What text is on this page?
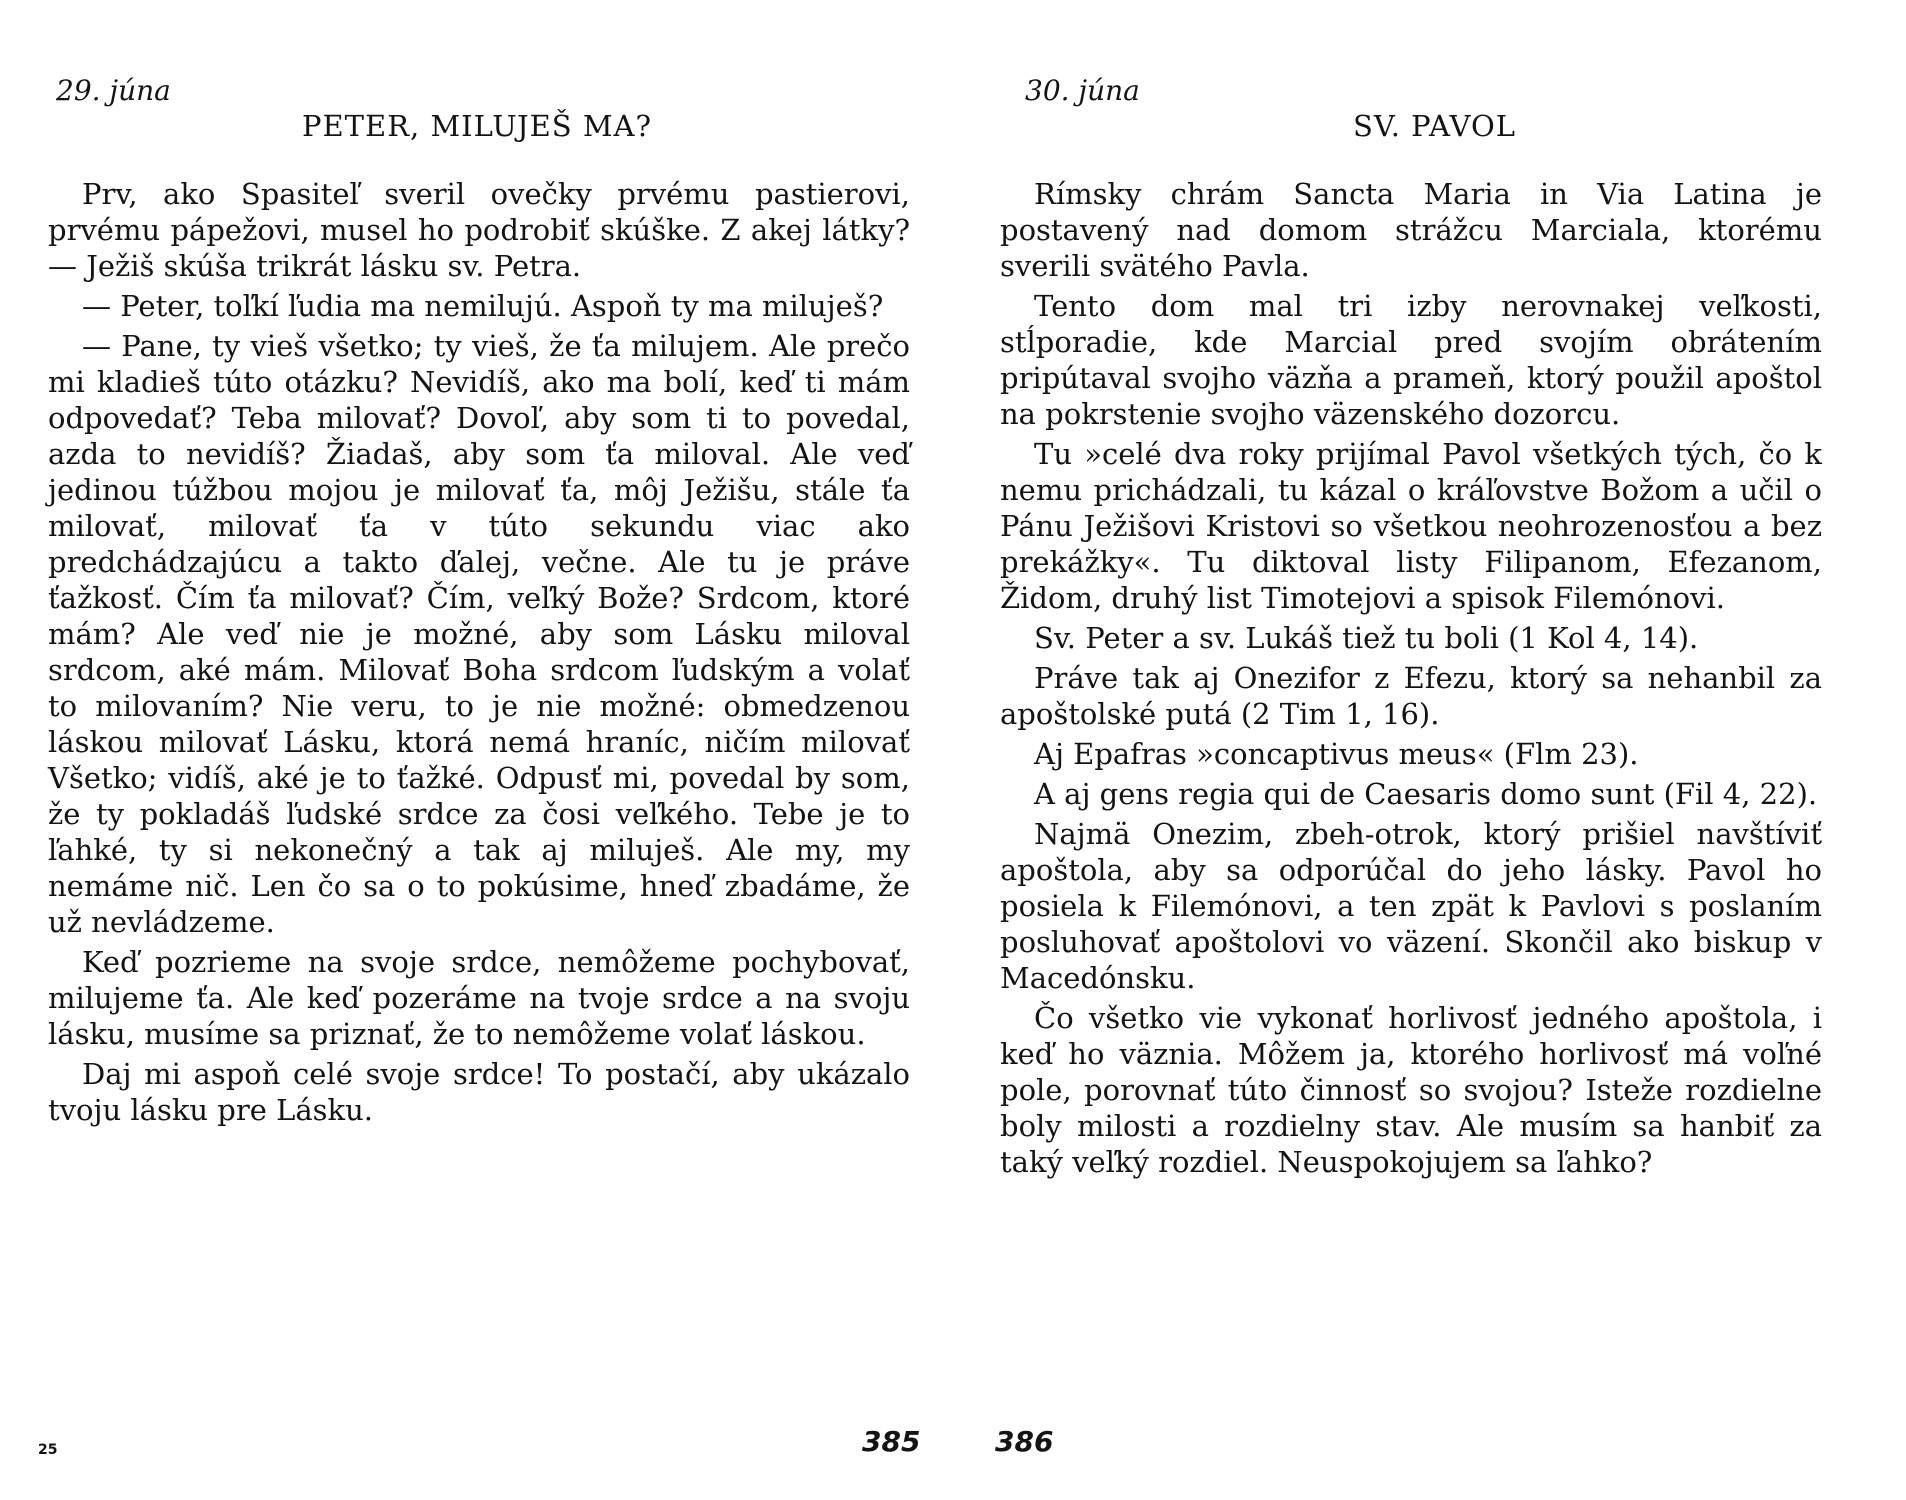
29. júna
PETER, MILUJEŠ MA?

Prv, ako Spasiteľ sveril ovečky prvému pastierovi, prvému pápežovi, musel ho podrobiť skúške. Z akej látky? — Ježiš skúša trikrát lásku sv. Petra.

— Peter, toľkí ľudia ma nemilujú. Aspoň ty ma miluješ?

— Pane, ty vieš všetko; ty vieš, že ťa milujem. Ale prečo mi kladieš túto otázku? Nevidíš, ako ma bolí, keď ti mám odpovedať? Teba milovať? Dovoľ, aby som ti to povedal, azda to nevidíš? Žiadaš, aby som ťa miloval. Ale veď jedinou túžbou mojou je milovať ťa, môj Ježišu, stále ťa milovať, milovať ťa v túto sekundu viac ako predchádzajúcu a takto ďalej, večne. Ale tu je práve ťažkosť. Čím ťa milovať? Čím, veľký Bože? Srdcom, ktoré mám? Ale veď nie je možné, aby som Lásku miloval srdcom, aké mám. Milovať Boha srdcom ľudským a volať to milovaním? Nie veru, to je nie možné: obmedzenou láskou milovať Lásku, ktorá nemá hraníc, ničím milovať Všetko; vidíš, aké je to ťažké. Odpusť mi, povedal by som, že ty pokladáš ľudské srdce za čosi veľkého. Tebe je to ľahké, ty si nekonečný a tak aj miluješ. Ale my, my nemáme nič. Len čo sa o to pokúsime, hneď zbadáme, že už nevládzeme.

Keď pozrieme na svoje srdce, nemôžeme pochybovať, milujeme ťa. Ale keď pozeráme na tvoje srdce a na svoju lásku, musíme sa priznať, že to nemôžeme volať láskou.

Daj mi aspoň celé svoje srdce! To postačí, aby ukázalo tvoju lásku pre Lásku.

25	385
30. júna
SV. PAVOL

Rímsky chrám Sancta Maria in Via Latina je postavený nad domom strážcu Marciala, ktorému sverili svätého Pavla.

Tento dom mal tri izby nerovnakej veľkosti, stĺporadie, kde Marcial pred svojím obrátením pripútaval svojho väzňa a prameň, ktorý použil apoštol na pokrstenie svojho väzenského dozorcu.

Tu »celé dva roky prijímal Pavol všetkých tých, čo k nemu prichádzali, tu kázal o kráľovstve Božom a učil o Pánu Ježišovi Kristovi so všetkou neohrozenosťou a bez prekážky«. Tu diktoval listy Filipanom, Efezanom, Židom, druhý list Timotejovi a spisok Filemónovi.

Sv. Peter a sv. Lukáš tiež tu boli (1 Kol 4, 14).

Práve tak aj Onezifor z Efezu, ktorý sa nehanbil za apoštolské putá (2 Tim 1, 16).

Aj Epafras »concaptivus meus« (Flm 23).

A aj gens regia qui de Caesaris domo sunt (Fil 4, 22).

Najmä Onezim, zbeh-otrok, ktorý prišiel navštíviť apoštola, aby sa odporúčal do jeho lásky. Pavol ho posiela k Filemónovi, a ten zpät k Pavlovi s poslaním posluhovať apoštolovi vo väzení. Skončil ako biskup v Macedónsku.

Čo všetko vie vykonať horlivosť jedného apoštola, i keď ho väznia. Môžem ja, ktorého horlivosť má voľné pole, porovnať túto činnosť so svojou? Isteže rozdielne boly milosti a rozdielny stav. Ale musím sa hanbiť za taký veľký rozdiel. Neuspokojujem sa ľahko?

386
